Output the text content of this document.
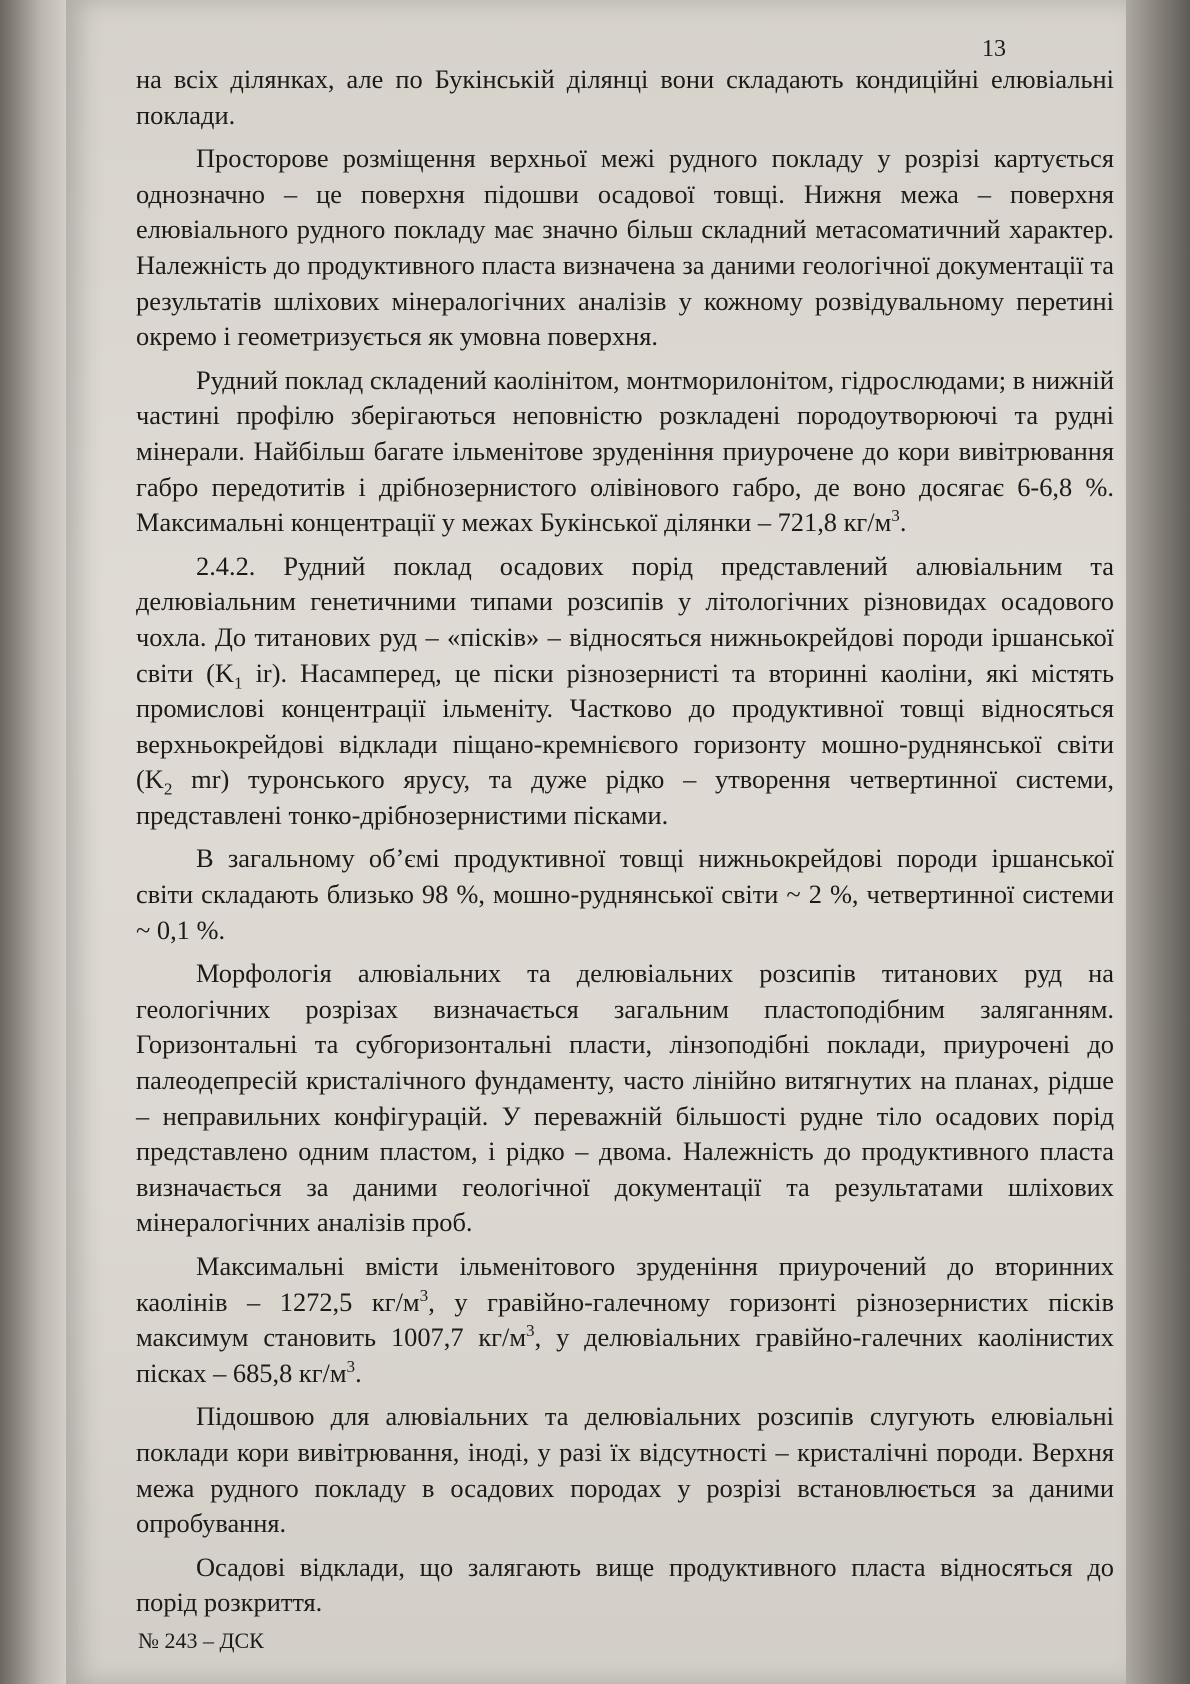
13

на всіх ділянках, але по Букінській ділянці вони складають кондиційні елювіальні поклади.

Просторове розміщення верхньої межі рудного покладу у розрізі картується однозначно – це поверхня підошви осадової товщі. Нижня межа – поверхня елювіального рудного покладу має значно більш складний метасоматичний характер. Належність до продуктивного пласта визначена за даними геологічної документації та результатів шліхових мінералогічних аналізів у кожному розвідувальному перетині окремо і геометризується як умовна поверхня.

Рудний поклад складений каолінітом, монтморилонітом, гідрослюдами; в нижній частині профілю зберігаються неповністю розкладені породоутворюючі та рудні мінерали. Найбільш багате ільменітове зруденіння приурочене до кори вивітрювання габро передотитів і дрібнозернистого олівінового габро, де воно досягає 6-6,8 %. Максимальні концентрації у межах Букінської ділянки – 721,8 $кг/м^3$.

2.4.2. Рудний поклад осадових порід представлений алювіальним та делювіальним генетичними типами розсипів у літологічних різновидах осадового чохла. До титанових руд – «пісків» – відносяться нижньокрейдові породи іршанської світи ($K_1$ ir). Насамперед, це піски різнозернисті та вторинні каоліни, які містять промислові концентрації ільменіту. Частково до продуктивної товщі відносяться верхньокрейдові відклади піщано-кремнієвого горизонту мошно-руднянської світи ($K_2$ mr) туронського ярусу, та дуже рідко – утворення четвертинної системи, представлені тонко-дрібнозернистими пісками.

В загальному об’ємі продуктивної товщі нижньокрейдові породи іршанської світи складають близько 98 %, мошно-руднянської світи ~ 2 %, четвертинної системи ~ 0,1 %.

Морфологія алювіальних та делювіальних розсипів титанових руд на геологічних розрізах визначається загальним пластоподібним заляганням. Горизонтальні та субгоризонтальні пласти, лінзоподібні поклади, приурочені до палеодепресій кристалічного фундаменту, часто лінійно витягнутих на планах, рідше – неправильних конфігурацій. У переважній більшості рудне тіло осадових порід представлено одним пластом, і рідко – двома. Належність до продуктивного пласта визначається за даними геологічної документації та результатами шліхових мінералогічних аналізів проб.

Максимальні вмісти ільменітового зруденіння приурочений до вторинних каолінів – 1272,5 $кг/м^3$, у гравійно-галечному горизонті різнозернистих пісків максимум становить 1007,7 $кг/м^3$, у делювіальних гравійно-галечних каолінистих пісках – 685,8 $кг/м^3$.

Підошвою для алювіальних та делювіальних розсипів слугують елювіальні поклади кори вивітрювання, іноді, у разі їх відсутності – кристалічні породи. Верхня межа рудного покладу в осадових породах у розрізі встановлюється за даними опробування.

Осадові відклади, що залягають вище продуктивного пласта відносяться до порід розкриття.

№ 243 – ДСК
